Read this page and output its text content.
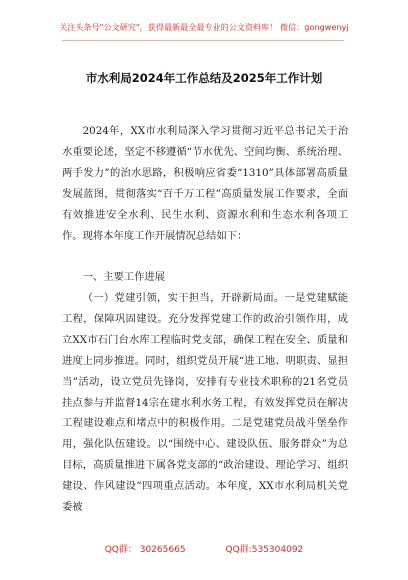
关注头条号"公文研究"，获得最新最全最专业的公文资料库！ 微信：gongwenyj
市水利局2024年工作总结及2025年工作计划
2024年，XX市水利局深入学习贯彻习近平总书记关于治水重要论述，坚定不移遵循“节水优先、空间均衡、系统治理、两手发力”的治水思路，积极响应省委“1310”具体部署高质量发展蓝图，贯彻落实“百千万工程”高质量发展工作要求，全面有效推进安全水利、民生水利、资源水利和生态水利各项工作。现将本年度工作开展情况总结如下：
一、主要工作进展
（一）党建引领，实干担当，开辟新局面。一是党建赋能工程，保障巩固建设。充分发挥党建工作的政治引领作用，成立XX市石门台水库工程临时党支部，确保工程在安全、质量和进度上同步推进。同时，组织党员开展“进工地、明职责、显担当”活动，设立党员先锋岗，安排有专业技术职称的21名党员挂点参与并监督14宗在建水利水务工程，有效发挥党员在解决工程建设难点和堵点中的积极作用。二是党建党员战斗堡垒作用，强化队伍建设。以“围绕中心、建设队伍、服务群众”为总目标，高质量推进下属各党支部的“政治建设、理论学习、组织建设、作风建设”四项重点活动。本年度，XX市水利局机关党委被
QQ群： 30265665	QQ群:535304092
